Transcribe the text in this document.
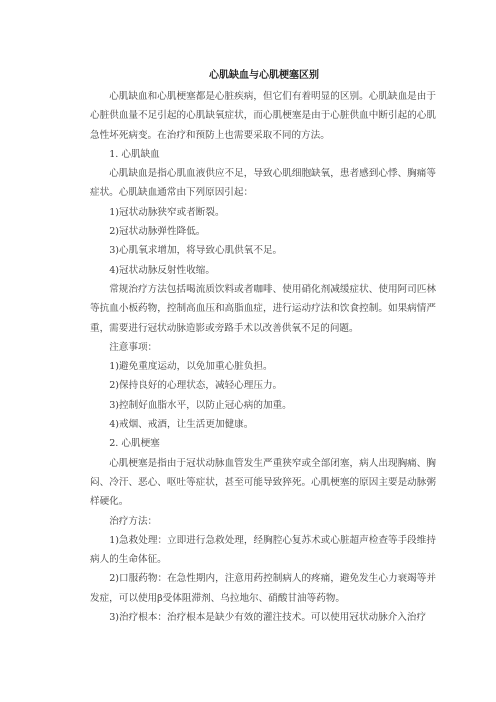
心肌缺血与心肌梗塞区别

心肌缺血和心肌梗塞都是心脏疾病，但它们有着明显的区别。心肌缺血是由于心脏供血量不足引起的心肌缺氧症状，而心肌梗塞是由于心脏供血中断引起的心肌急性坏死病变。在治疗和预防上也需要采取不同的方法。

1. 心肌缺血

心肌缺血是指心肌血液供应不足，导致心肌细胞缺氧，患者感到心悸、胸痛等症状。心肌缺血通常由下列原因引起：

1)冠状动脉狭窄或者断裂。

2)冠状动脉弹性降低。

3)心肌氧求增加，将导致心肌供氧不足。

4)冠状动脉反射性收缩。

常规治疗方法包括喝流质饮料或者咖啡、使用硝化剂减缓症状、使用阿司匹林等抗血小板药物，控制高血压和高脂血症，进行运动疗法和饮食控制。如果病情严重，需要进行冠状动脉造影或旁路手术以改善供氧不足的问题。

注意事项：

1)避免重度运动，以免加重心脏负担。

2)保持良好的心理状态，减轻心理压力。

3)控制好血脂水平，以防止冠心病的加重。

4)戒烟、戒酒，让生活更加健康。

2. 心肌梗塞

心肌梗塞是指由于冠状动脉血管发生严重狭窄或全部闭塞，病人出现胸痛、胸闷、冷汗、恶心、呕吐等症状，甚至可能导致猝死。心肌梗塞的原因主要是动脉粥样硬化。

治疗方法：

1)急救处理：立即进行急救处理，经胸腔心复苏术或心脏超声检查等手段维持病人的生命体征。

2)口服药物：在急性期内，注意用药控制病人的疼痛，避免发生心力衰竭等并发症，可以使用β受体阻滞剂、乌拉地尔、硝酸甘油等药物。

3)治疗根本：治疗根本是缺少有效的灌注技术。可以使用冠状动脉介入治疗
